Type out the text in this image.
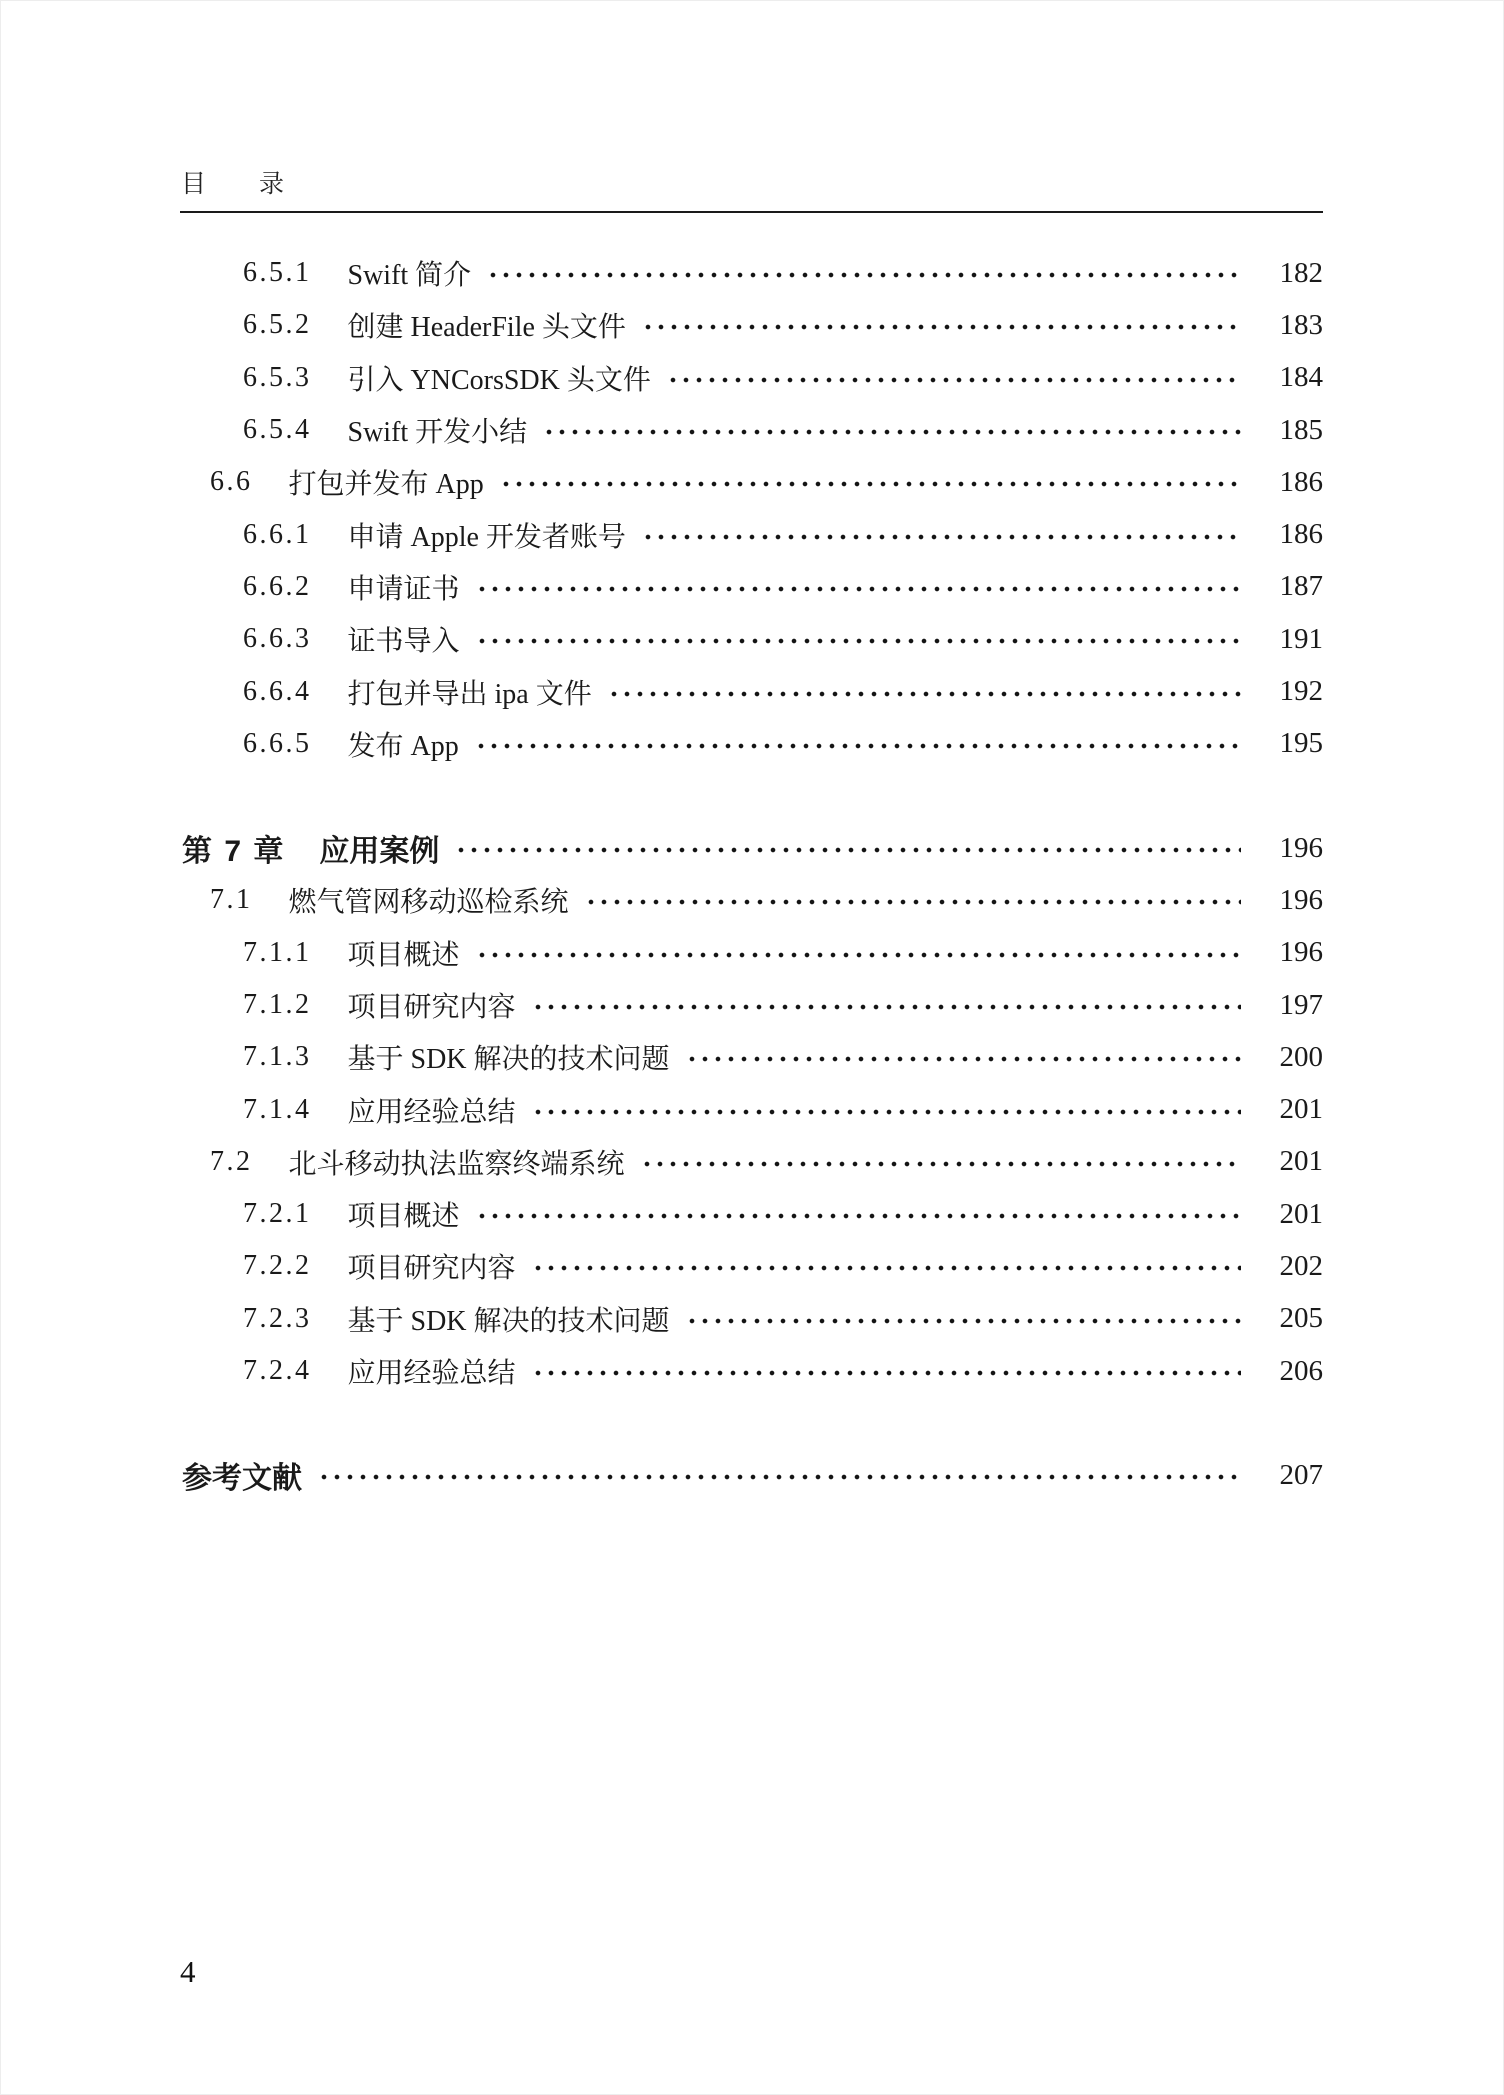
目　　录
6.5.1 Swift 简介	182
6.5.2 创建 HeaderFile 头文件	183
6.5.3 引入 YNCorsSDK 头文件	184
6.5.4 Swift 开发小结	185
6.6 打包并发布 App	186
6.6.1 申请 Apple 开发者账号	186
6.6.2 申请证书	187
6.6.3 证书导入	191
6.6.4 打包并导出 ipa 文件	192
6.6.5 发布 App	195
第 7 章 应用案例	196
7.1 燃气管网移动巡检系统	196
7.1.1 项目概述	196
7.1.2 项目研究内容	197
7.1.3 基于 SDK 解决的技术问题	200
7.1.4 应用经验总结	201
7.2 北斗移动执法监察终端系统	201
7.2.1 项目概述	201
7.2.2 项目研究内容	202
7.2.3 基于 SDK 解决的技术问题	205
7.2.4 应用经验总结	206
参考文献	207
4
